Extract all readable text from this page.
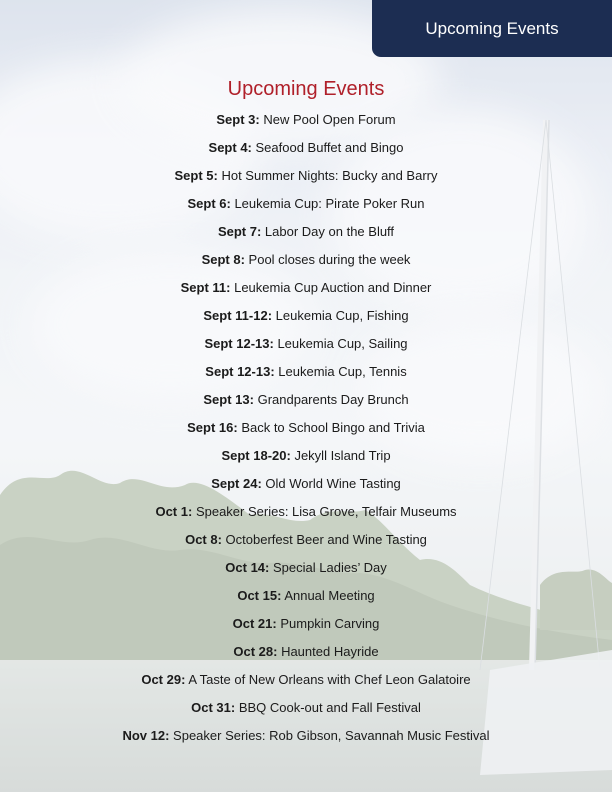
Upcoming Events
Upcoming Events
Sept 3: New Pool Open Forum
Sept 4: Seafood Buffet and Bingo
Sept 5: Hot Summer Nights: Bucky and Barry
Sept 6: Leukemia Cup: Pirate Poker Run
Sept 7: Labor Day on the Bluff
Sept 8: Pool closes during the week
Sept 11: Leukemia Cup Auction and Dinner
Sept 11-12: Leukemia Cup, Fishing
Sept 12-13: Leukemia Cup, Sailing
Sept 12-13: Leukemia Cup, Tennis
Sept 13: Grandparents Day Brunch
Sept 16: Back to School Bingo and Trivia
Sept 18-20: Jekyll Island Trip
Sept 24: Old World Wine Tasting
Oct 1: Speaker Series: Lisa Grove, Telfair Museums
Oct 8: Octoberfest Beer and Wine Tasting
Oct 14: Special Ladies’ Day
Oct 15: Annual Meeting
Oct 21: Pumpkin Carving
Oct 28: Haunted Hayride
Oct 29: A Taste of New Orleans with Chef Leon Galatoire
Oct 31: BBQ Cook-out and Fall Festival
Nov 12: Speaker Series: Rob Gibson, Savannah Music Festival
